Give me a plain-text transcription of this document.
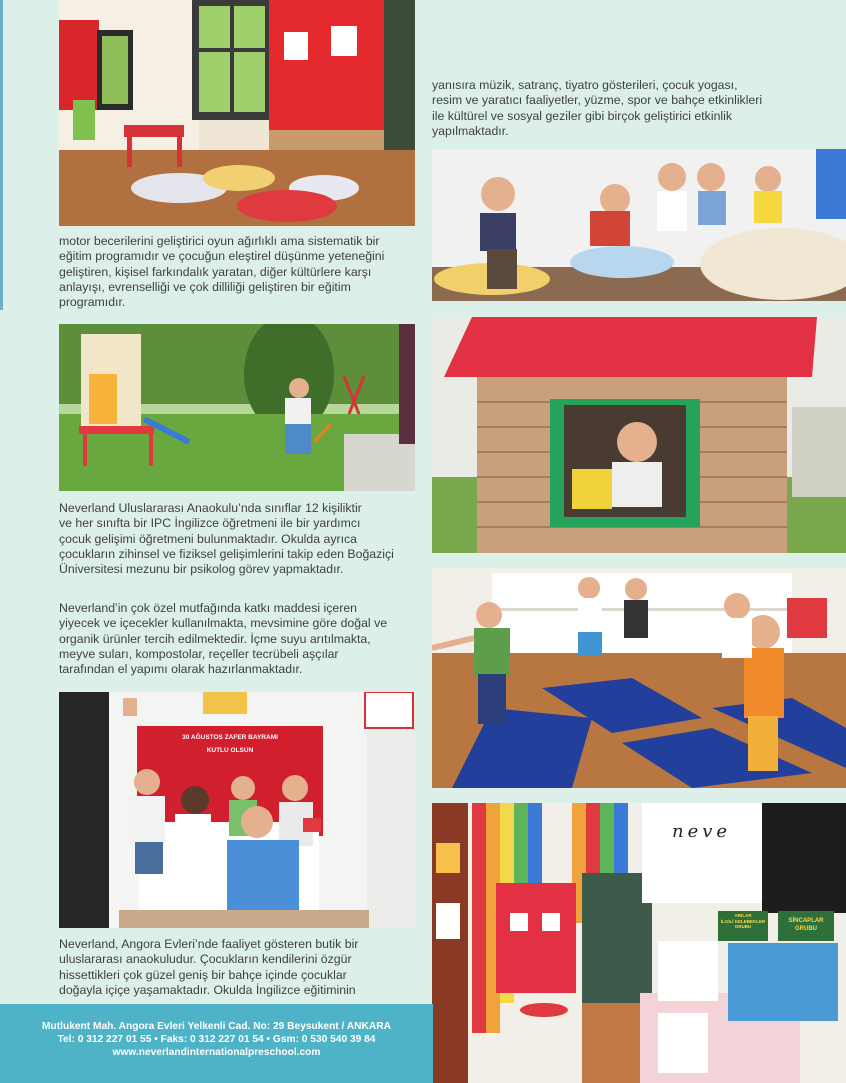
yanısıra müzik, satranç, tiyatro gösterileri, çocuk yogası,
resim ve yaratıcı faaliyetler, yüzme, spor ve bahçe etkinlikleri
ile kültürel ve sosyal geziler gibi birçok geliştirici etkinlik
yapılmaktadır.
motor becerilerini geliştirici oyun ağırlıklı ama sistematik bir
eğitim programıdır ve çocuğun eleştirel düşünme yeteneğini
geliştiren, kişisel farkındalık yaratan, diğer kültürlere karşı
anlayışı, evrenselliği ve çok dilliliği geliştiren bir eğitim
programıdır.
Neverland Uluslararası Anaokulu’nda sınıflar 12 kişiliktir
ve her sınıfta bir IPC İngilizce öğretmeni ile bir yardımcı
çocuk gelişimi öğretmeni bulunmaktadır. Okulda ayrıca
çocukların zihinsel ve fiziksel gelişimlerini takip eden Boğaziçi
Üniversitesi mezunu bir psikolog görev yapmaktadır.
Neverland’in çok özel mutfağında katkı maddesi içeren
yiyecek ve içecekler kullanılmakta, mevsimine göre doğal ve
organik ürünler tercih edilmektedir. İçme suyu arıtılmakta,
meyve suları, kompostolar, reçeller tecrübeli aşçılar
tarafından el yapımı olarak hazırlanmaktadır.
30 AĞUSTOS ZAFER BAYRAMI
KUTLU OLSUN
neve
ARILAR
İLGİLİ KELEBEKLER
GRUBU
SİNCAPLAR
GRUBU
Neverland, Angora Evleri’nde faaliyet gösteren butik bir
uluslararası anaokuludur. Çocukların kendilerini özgür
hissettikleri çok güzel geniş bir bahçe içinde çocuklar
doğayla içiçe yaşamaktadır. Okulda İngilizce eğitiminin

Mutlukent Mah. Angora Evleri Yelkenli Cad. No: 29 Beysukent / ANKARA

Tel: 0 312 227 01 55 • Faks: 0 312 227 01 54 • Gsm: 0 530 540 39 84

www.neverlandinternationalpreschool.com
